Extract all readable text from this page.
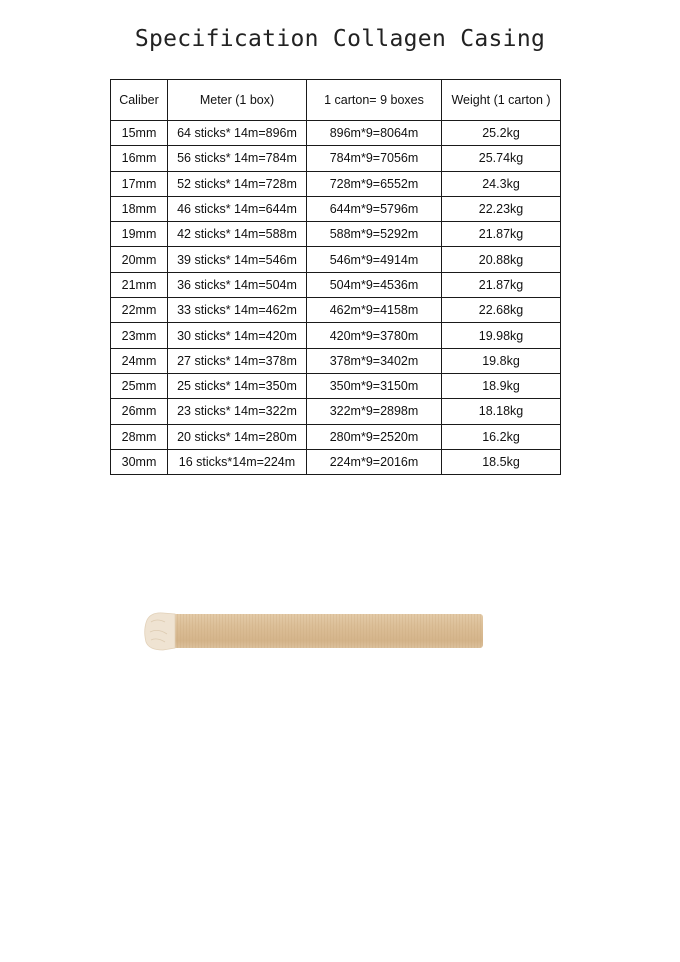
Specification Collagen Casing
Caliber	Meter (1 box)	1 carton= 9 boxes	Weight (1 carton )
15mm	64 sticks* 14m=896m	896m*9=8064m	25.2kg
16mm	56 sticks* 14m=784m	784m*9=7056m	25.74kg
17mm	52 sticks* 14m=728m	728m*9=6552m	24.3kg
18mm	46 sticks* 14m=644m	644m*9=5796m	22.23kg
19mm	42 sticks* 14m=588m	588m*9=5292m	21.87kg
20mm	39 sticks* 14m=546m	546m*9=4914m	20.88kg
21mm	36 sticks* 14m=504m	504m*9=4536m	21.87kg
22mm	33 sticks* 14m=462m	462m*9=4158m	22.68kg
23mm	30 sticks* 14m=420m	420m*9=3780m	19.98kg
24mm	27 sticks* 14m=378m	378m*9=3402m	19.8kg
25mm	25 sticks* 14m=350m	350m*9=3150m	18.9kg
26mm	23 sticks* 14m=322m	322m*9=2898m	18.18kg
28mm	20 sticks* 14m=280m	280m*9=2520m	16.2kg
30mm	16 sticks*14m=224m	224m*9=2016m	18.5kg
